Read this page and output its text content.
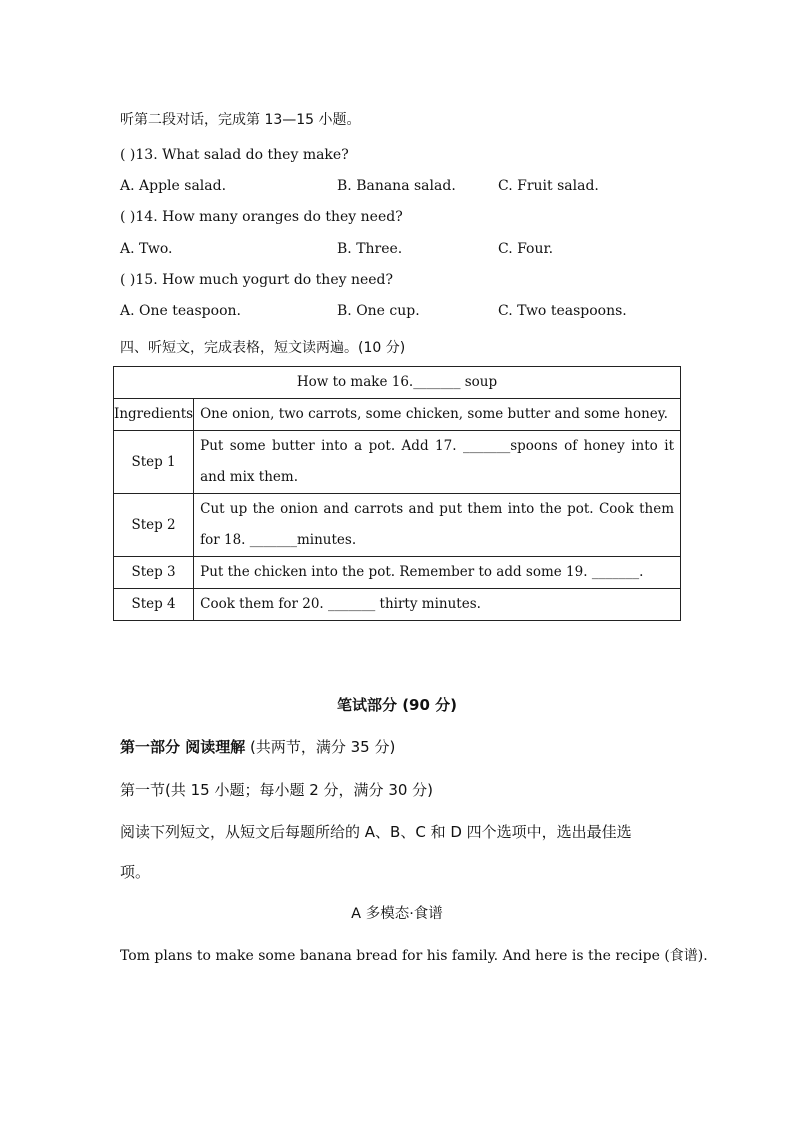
听第二段对话，完成第 13—15 小题。
( )13. What salad do they make?
A. Apple salad.	B. Banana salad.	C. Fruit salad.
( )14. How many oranges do they need?
A. Two.	B. Three.	C. Four.
( )15. How much yogurt do they need?
A. One teaspoon.	B. One cup.	C. Two teaspoons.
四、听短文，完成表格，短文读两遍。(10 分)
How to make 16._______ soup	
Ingredients	One onion, two carrots, some chicken, some butter and some honey.
Step 1	Put some butter into a pot. Add 17. _______spoons of honey into it and mix them.
Step 2	Cut up the onion and carrots and put them into the pot. Cook them for 18. _______minutes.
Step 3	Put the chicken into the pot. Remember to add some 19. _______.
Step 4	Cook them for 20. _______ thirty minutes.
笔试部分 (90 分)
第一部分 阅读理解 (共两节，满分 35 分)
第一节(共 15 小题；每小题 2 分，满分 30 分)
阅读下列短文，从短文后每题所给的 A、B、C 和 D 四个选项中，选出最佳选
项。
A 多模态·食谱
Tom plans to make some banana bread for his family. And here is the recipe (食谱).
